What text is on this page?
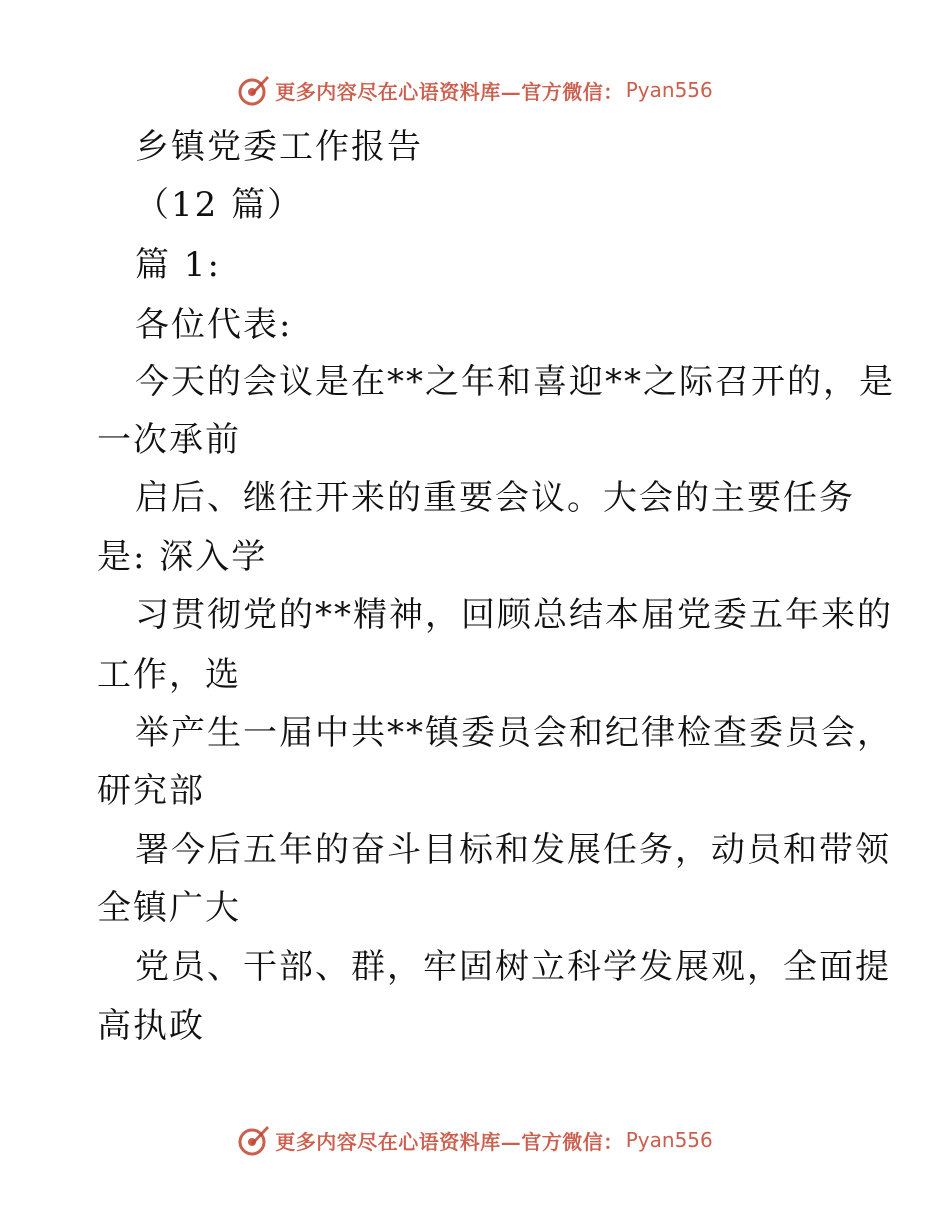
更多内容尽在心语资料库—官方微信： Pyan556
乡镇党委工作报告
（12 篇）
篇 1:
各位代表:
今天的会议是在**之年和喜迎**之际召开的，是
一次承前
启后、继往开来的重要会议。大会的主要任务
是: 深入学
习贯彻党的**精神，回顾总结本届党委五年来的
工作，选
举产生一届中共**镇委员会和纪律检查委员会，
研究部
署今后五年的奋斗目标和发展任务，动员和带领
全镇广大
党员、干部、群，牢固树立科学发展观，全面提
高执政
更多内容尽在心语资料库—官方微信： Pyan556
